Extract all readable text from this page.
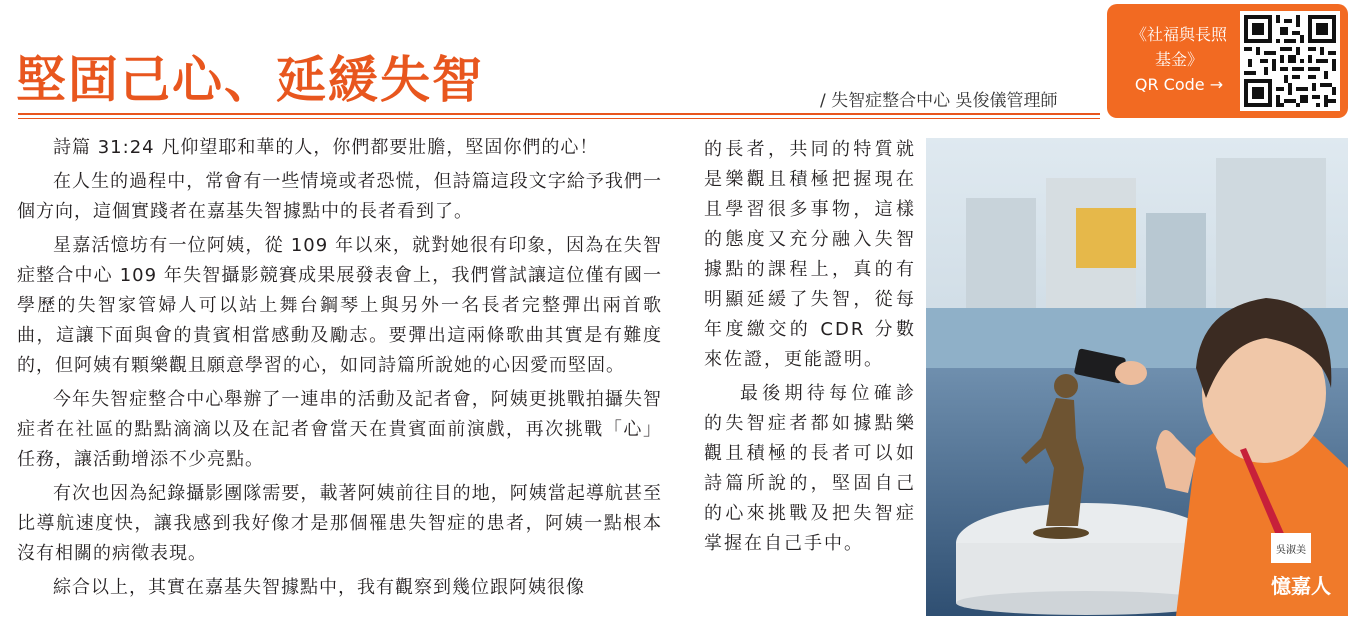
堅固己心、延緩失智	/ 失智症整合中心 吳俊儀管理師
《社福與長照
基金》
QR Code →

詩篇 31:24 凡仰望耶和華的人，你們都要壯膽，堅固你們的心！

在人生的過程中，常會有一些情境或者恐慌，但詩篇這段文字給予我們一個方向，這個實踐者在嘉基失智據點中的長者看到了。

星嘉活憶坊有一位阿姨，從 109 年以來，就對她很有印象，因為在失智症整合中心 109 年失智攝影競賽成果展發表會上，我們嘗試讓這位僅有國一學歷的失智家管婦人可以站上舞台鋼琴上與另外一名長者完整彈出兩首歌曲，這讓下面與會的貴賓相當感動及勵志。要彈出這兩條歌曲其實是有難度的，但阿姨有顆樂觀且願意學習的心，如同詩篇所說她的心因愛而堅固。

今年失智症整合中心舉辦了一連串的活動及記者會，阿姨更挑戰拍攝失智症者在社區的點點滴滴以及在記者會當天在貴賓面前演戲，再次挑戰「心」任務，讓活動增添不少亮點。

有次也因為紀錄攝影團隊需要，載著阿姨前往目的地，阿姨當起導航甚至比導航速度快，讓我感到我好像才是那個罹患失智症的患者，阿姨一點根本沒有相關的病徵表現。

綜合以上，其實在嘉基失智據點中，我有觀察到幾位跟阿姨很像

的長者，共同的特質就是樂觀且積極把握現在且學習很多事物，這樣的態度又充分融入失智據點的課程上，真的有明顯延緩了失智，從每年度繳交的 CDR 分數來佐證，更能證明。

最後期待每位確診的失智症者都如據點樂觀且積極的長者可以如詩篇所說的，堅固自己的心來挑戰及把失智症掌握在自己手中。	吳淑美
憶嘉人
